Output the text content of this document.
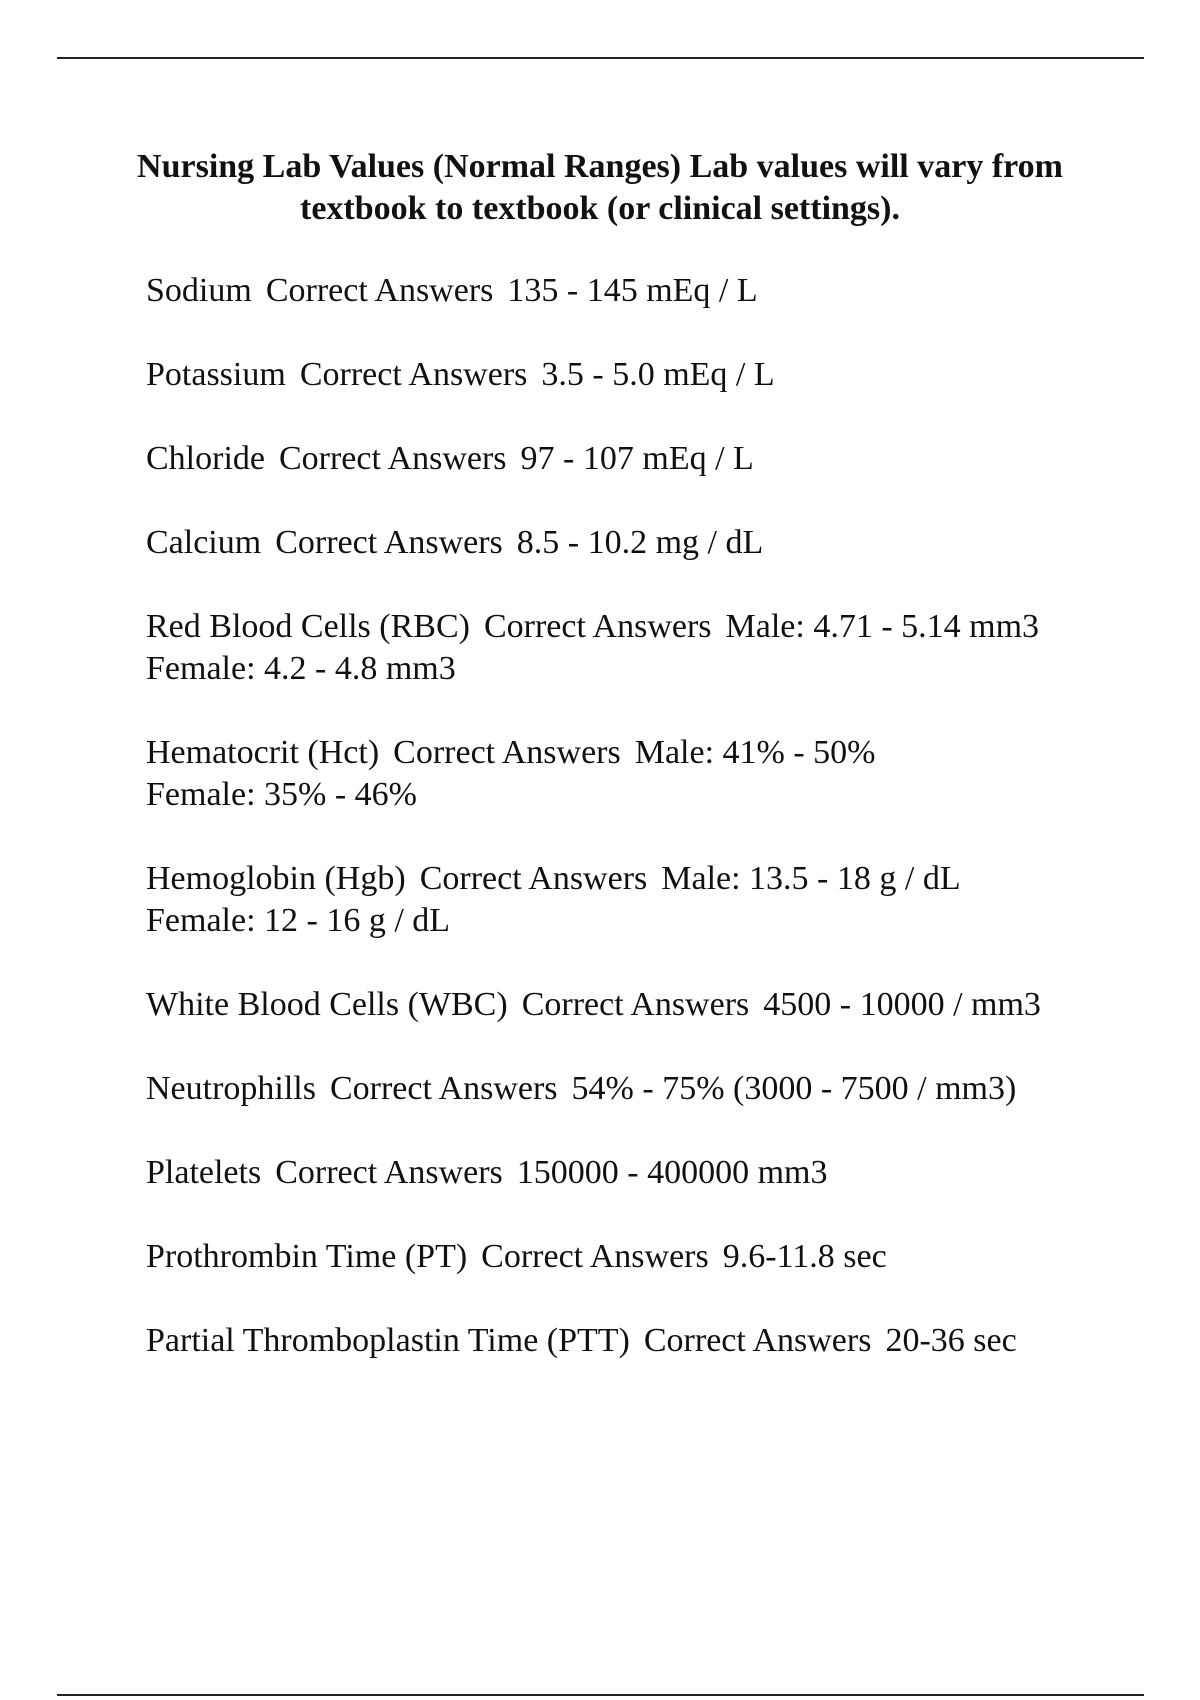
Nursing Lab Values (Normal Ranges) Lab values will vary from textbook to textbook (or clinical settings).
Sodium Correct Answers 135 - 145 mEq / L
Potassium Correct Answers 3.5 - 5.0 mEq / L
Chloride Correct Answers 97 - 107 mEq / L
Calcium Correct Answers 8.5 - 10.2 mg / dL
Red Blood Cells (RBC) Correct Answers Male: 4.71 - 5.14 mm3
Female: 4.2 - 4.8 mm3
Hematocrit (Hct) Correct Answers Male: 41% - 50%
Female: 35% - 46%
Hemoglobin (Hgb) Correct Answers Male: 13.5 - 18 g / dL
Female: 12 - 16 g / dL
White Blood Cells (WBC) Correct Answers 4500 - 10000 / mm3
Neutrophills Correct Answers 54% - 75% (3000 - 7500 / mm3)
Platelets Correct Answers 150000 - 400000 mm3
Prothrombin Time (PT) Correct Answers 9.6-11.8 sec
Partial Thromboplastin Time (PTT) Correct Answers 20-36 sec
